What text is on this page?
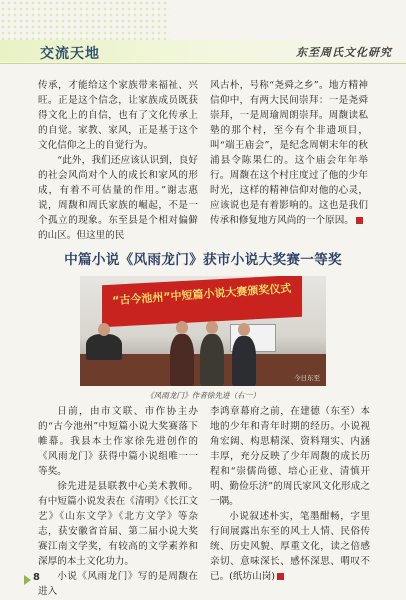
交流天地	东至周氏文化研究

传承，才能给这个家族带来福祉、兴旺。正是这个信念，让家族成员既获得文化上的自信，也有了文化传承上的自觉。家教、家风，正是基于这个文化信仰之上的自觉行为。

“此外，我们还应该认识到，良好的社会风尚对个人的成长和家风的形成，有着不可估量的作用。”谢志惠说，周馥和周氏家族的崛起，不是一个孤立的现象。东至县是个相对偏僻的山区。但这里的民

风古朴，号称“尧舜之乡”。地方精神信仰中，有两大民间崇拜：一是尧舜崇拜，一是周瑜周朗崇拜。周馥读私塾的那个村，至今有个非遗项目，叫“端王庙会”，是纪念周朝末年的秋浦县令陈果仁的。这个庙会年年举行。周馥在这个村庄度过了他的少年时光，这样的精神信仰对他的心灵，应该说也是有着影响的。这也是我们传承和修复地方风尚的一个原因。

中篇小说《风雨龙门》获市小说大奖赛一等奖
“古今池州”中短篇小说大赛颁奖仪式
今日东至
《风雨龙门》作者徐先进（右一）

日前，由市文联、市作协主办的“古今池州”中短篇小说大奖赛落下帷幕。我县本土作家徐先进创作的《风雨龙门》获得中篇小说组唯一一等奖。

徐先进是县联教中心美术教师。有中短篇小说发表在《清明》《长江文艺》《山东文学》《北方文学》等杂志，获安徽省首届、第二届小说大奖赛江南文学奖，有较高的文学素养和深厚的本土文化功力。

小说《风雨龙门》写的是周馥在进入

李鸿章幕府之前，在建德（东至）本地的少年和青年时期的经历。小说视角宏阔、构思精深、资料翔实、内涵丰厚，充分反映了少年周馥的成长历程和“崇儒尚德、培心正业、清慎开明、勤俭乐济”的周氏家风文化形成之一隅。

小说叙述朴实，笔墨酣畅，字里行间展露出东至的风土人情、民俗传统、历史风貌、厚重文化，读之倍感亲切、意味深长、感怀深思、喟叹不已。(纸坊山岗)

8
